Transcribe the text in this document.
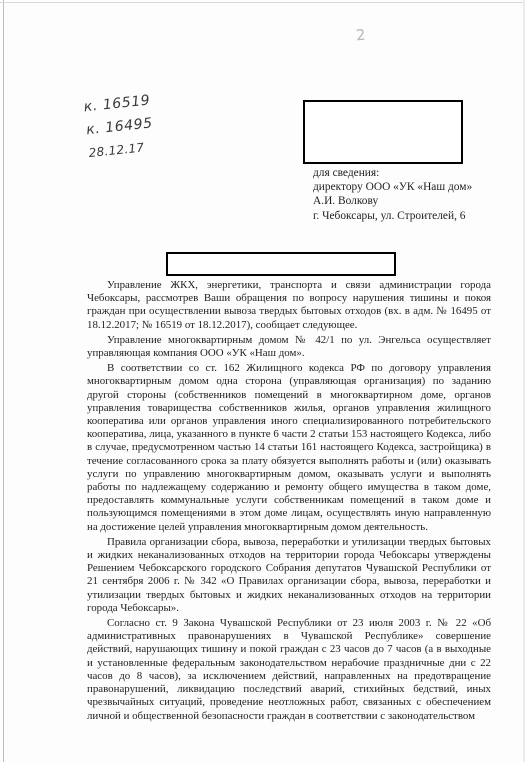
2
к. 16519
к. 16495
28.12.17
для сведения:
директору ООО «УК «Наш дом»
А.И. Волкову
г. Чебоксары, ул. Строителей, 6

Управление ЖКХ, энергетики, транспорта и связи администрации города Чебоксары, рассмотрев Ваши обращения по вопросу нарушения тишины и покоя граждан при осуществлении вывоза твердых бытовых отходов (вх. в адм. № 16495 от 18.12.2017; № 16519 от 18.12.2017), сообщает следующее.

Управление многоквартирным домом № 42/1 по ул. Энгельса осуществляет управляющая компания ООО «УК «Наш дом».

В соответствии со ст. 162 Жилищного кодекса РФ по договору управления многоквартирным домом одна сторона (управляющая организация) по заданию другой стороны (собственников помещений в многоквартирном доме, органов управления товарищества собственников жилья, органов управления жилищного кооператива или органов управления иного специализированного потребительского кооператива, лица, указанного в пункте 6 части 2 статьи 153 настоящего Кодекса, либо в случае, предусмотренном частью 14 статьи 161 настоящего Кодекса, застройщика) в течение согласованного срока за плату обязуется выполнять работы и (или) оказывать услуги по управлению многоквартирным домом, оказывать услуги и выполнять работы по надлежащему содержанию и ремонту общего имущества в таком доме, предоставлять коммунальные услуги собственникам помещений в таком доме и пользующимся помещениями в этом доме лицам, осуществлять иную направленную на достижение целей управления многоквартирным домом деятельность.

Правила организации сбора, вывоза, переработки и утилизации твердых бытовых и жидких неканализованных отходов на территории города Чебоксары утверждены Решением Чебоксарского городского Собрания депутатов Чувашской Республики от 21 сентября 2006 г. № 342 «О Правилах организации сбора, вывоза, переработки и утилизации твердых бытовых и жидких неканализованных отходов на территории города Чебоксары».

Согласно ст. 9 Закона Чувашской Республики от 23 июля 2003 г. № 22 «Об административных правонарушениях в Чувашской Республике» совершение действий, нарушающих тишину и покой граждан с 23 часов до 7 часов (а в выходные и установленные федеральным законодательством нерабочие праздничные дни с 22 часов до 8 часов), за исключением действий, направленных на предотвращение правонарушений, ликвидацию последствий аварий, стихийных бедствий, иных чрезвычайных ситуаций, проведение неотложных работ, связанных с обеспечением личной и общественной безопасности граждан в соответствии с законодательством
